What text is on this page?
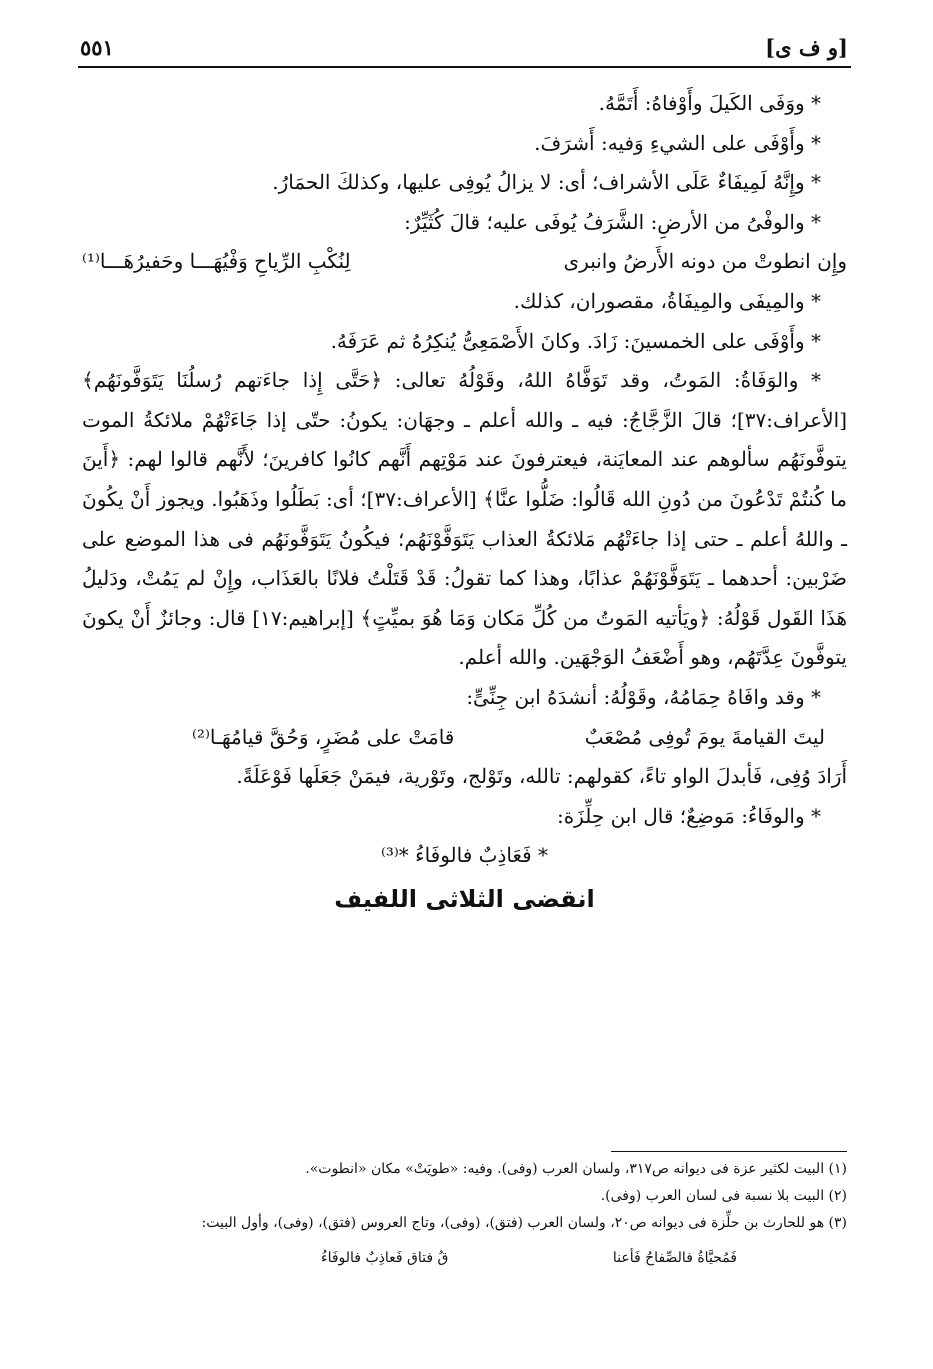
[و ف ى]
٥٥١

* ووَفَى الكَيلَ وأَوْفاهُ: أَتَمَّهُ.

* وأَوْفَى على الشيءِ وَفيه: أَشرَفَ.

* وإِنَّهُ لَمِيفَاءٌ عَلَى الأشراف؛ أى: لا يزالُ يُوفِى عليها، وكذلكَ الحمَارُ.

* والوفْىُ من الأرضِ: الشَّرَفُ يُوفَى عليه؛ قالَ كُثَيِّرٌ:

وإِن انطوتْ من دونه الأَرضُ وانبرى
لِنُكْبِ الرِّياحِ وَفْيُهَـــا وحَفيرُهَـــا⁽¹⁾

* والمِيفَى والمِيفَاةُ، مقصوران، كذلك.

* وأَوْفَى على الخمسينَ: زَادَ. وكانَ الأَصْمَعِىُّ يُنكِرُهُ ثم عَرَفَهُ.

* والوَفَاةُ: المَوتُ، وقد تَوَفَّاهُ اللهُ، وقَوْلُهُ تعالى: ﴿حَتَّى إِذا جاءَتهم رُسلُنَا يَتَوَفَّونَهُم﴾ [الأعراف:٣٧]؛ قالَ الزَّجَّاجُ: فيه ـ والله أعلم ـ وجهَان: يكونُ: حتّى إذا جَاءَتْهُمْ ملائكةُ الموت يتوفَّونَهُم سألوهم عند المعايَنة، فيعترفونَ عند مَوْتِهم أَنَّهم كانُوا كافرينَ؛ لأَنَّهم قالوا لهم: ﴿أَينَ ما كُنتُمْ تَدْعُونَ من دُونِ الله قَالُوا: ضَلُّوا عنَّا﴾ [الأعراف:٣٧]؛ أى: بَطَلُوا وذَهَبُوا. ويجوز أَنْ يكُونَ ـ واللهُ أعلم ـ حتى إذا جاءَتْهُم مَلائكةُ العذاب يَتَوَفَّوْنَهُم؛ فيكُونُ يَتَوَفَّونَهُم فى هذا الموضع على ضَرْبين: أحدهما ـ يَتَوَفَّوْنَهُمْ عذابًا، وهذا كما تقولُ: قَدْ قَتَلْتُ فلانًا بالعَذَاب، وإِنْ لم يَمُتْ، ودَليلُ هَذَا القَول قَوْلُهُ: ﴿ويَأتيه المَوتُ من كُلِّ مَكان وَمَا هُوَ بميِّتٍ﴾ [إبراهيم:١٧] قال: وجائزٌ أَنْ يكونَ يتوفَّونَ عِدَّتَهُم، وهو أَضْعَفُ الوَجْهَين. والله أعلم.

* وقد وافَاهُ حِمَامُهُ، وقَوْلُهُ: أنشدَهُ ابن جِنِّىٍّ:

ليتَ القيامةَ يومَ تُوفِى مُصْعَبٌ
قامَتْ على مُضَرٍ، وَحُقَّ قيامُهَـا⁽²⁾

أَرَادَ وُفِى، فَأبدلَ الواو تاءً، كقولهم: تالله، وتَوْلج، وتَوْرية، فيمَنْ جَعَلَها فَوْعَلَةً.

* والوفَاءُ: مَوضِعٌ؛ قال ابن حِلِّزَة:

* فَعَاذِبٌ فالوفَاءُ *⁽³⁾

انقضى الثلاثى اللفيف

(١) البيت لكثير عزة فى ديوانه ص٣١٧، ولسان العرب (وفى). وفيه: «طويَتْ» مكان «انطوت».

(٢) البيت بلا نسبة فى لسان العرب (وفى).

(٣) هو للحارث بن حلِّزة فى ديوانه ص٢٠، ولسان العرب (فتق)، (وفى)، وتاج العروس (فتق)، (وفى)، وأول البيت:

فَمُحيَّاةُ فالصِّفاحُ فَأعنا
قُ فتاق فَعاذِبٌ فالوفَاءُ
